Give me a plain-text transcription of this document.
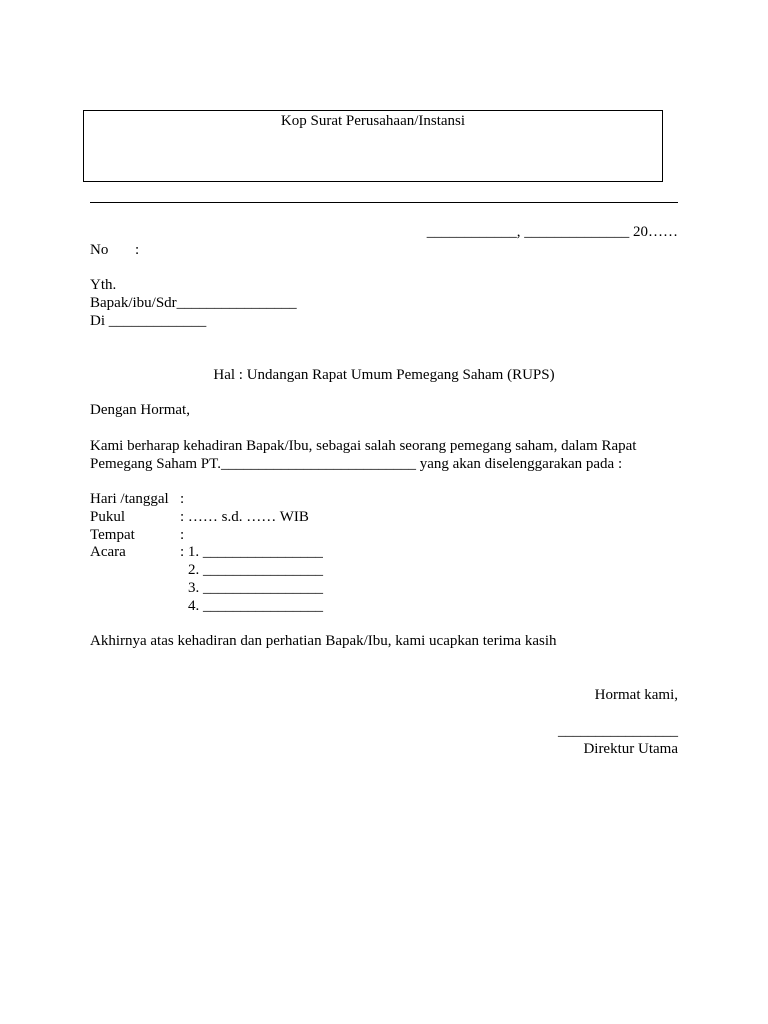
Kop Surat Perusahaan/Instansi
____________, ______________ 20……
No :
Yth.
Bapak/ibu/Sdr________________
Di _____________
Hal : Undangan Rapat Umum Pemegang Saham (RUPS)
Dengan Hormat,
Kami berharap kehadiran Bapak/Ibu, sebagai salah seorang pemegang saham, dalam Rapat
Pemegang Saham PT.__________________________ yang akan diselenggarakan pada :
Hari /tanggal :
Pukul	: …… s.d. …… WIB
Tempat	:
Acara	: 1. ________________
2. ________________
3. ________________
4. ________________
Akhirnya atas kehadiran dan perhatian Bapak/Ibu, kami ucapkan terima kasih
Hormat kami,
________________
Direktur Utama
